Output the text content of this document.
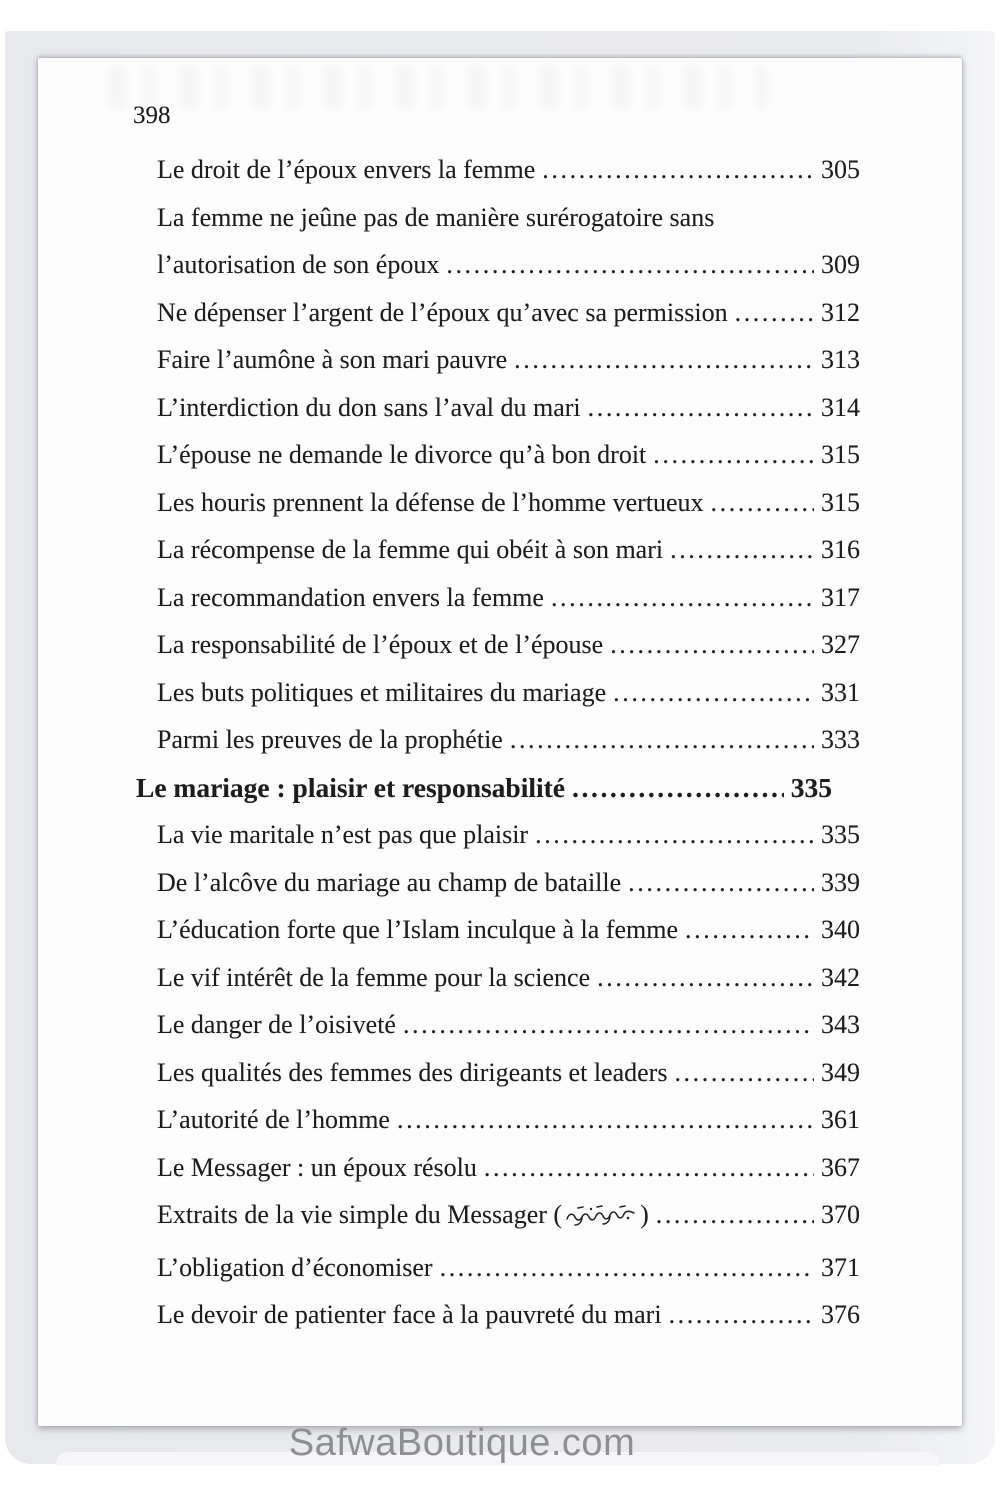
398
Le droit de l’époux envers la femme .....	305
La femme ne jeûne pas de manière surérogatoire sans
l’autorisation de son époux .....	309
Ne dépenser l’argent de l’époux qu’avec sa permission .....	312
Faire l’aumône à son mari pauvre .....	313
L’interdiction du don sans l’aval du mari .....	314
L’épouse ne demande le divorce qu’à bon droit .....	315
Les houris prennent la défense de l’homme vertueux .....	315
La récompense de la femme qui obéit à son mari .....	316
La recommandation envers la femme .....	317
La responsabilité de l’époux et de l’épouse .....	327
Les buts politiques et militaires du mariage .....	331
Parmi les preuves de la prophétie .....	333
Le mariage : plaisir et responsabilité .....	335
La vie maritale n’est pas que plaisir .....	335
De l’alcôve du mariage au champ de bataille .....	339
L’éducation forte que l’Islam inculque à la femme .....	340
Le vif intérêt de la femme pour la science .....	342
Le danger de l’oisiveté .....	343
Les qualités des femmes des dirigeants et leaders .....	349
L’autorité de l’homme .....	361
Le Messager : un époux résolu .....	367
Extraits de la vie simple du Messager (	) .....	370
L’obligation d’économiser .....	371
Le devoir de patienter face à la pauvreté du mari .....	376
SafwaBoutique.com
